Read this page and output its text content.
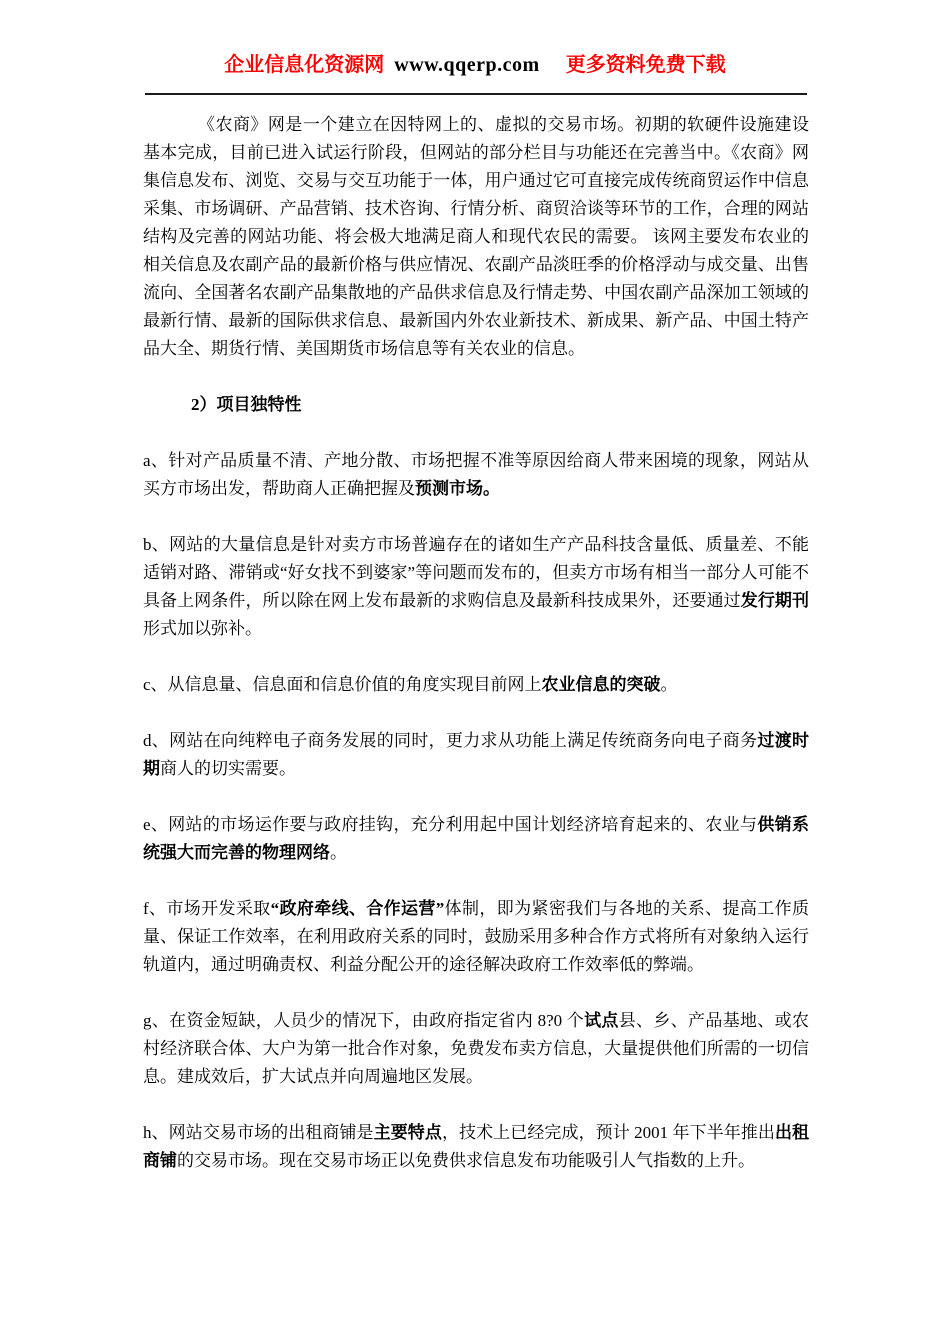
企业信息化资源网 www.qqerp.com 更多资料免费下载

《农商》网是一个建立在因特网上的、虚拟的交易市场。初期的软硬件设施建设基本完成，目前已进入试运行阶段，但网站的部分栏目与功能还在完善当中。《农商》网集信息发布、浏览、交易与交互功能于一体，用户通过它可直接完成传统商贸运作中信息采集、市场调研、产品营销、技术咨询、行情分析、商贸洽谈等环节的工作，合理的网站结构及完善的网站功能、将会极大地满足商人和现代农民的需要。 该网主要发布农业的相关信息及农副产品的最新价格与供应情况、农副产品淡旺季的价格浮动与成交量、出售流向、全国著名农副产品集散地的产品供求信息及行情走势、中国农副产品深加工领域的最新行情、最新的国际供求信息、最新国内外农业新技术、新成果、新产品、中国土特产品大全、期货行情、美国期货市场信息等有关农业的信息。

2）项目独特性

a、针对产品质量不清、产地分散、市场把握不准等原因给商人带来困境的现象，网站从买方市场出发，帮助商人正确把握及预测市场。

b、网站的大量信息是针对卖方市场普遍存在的诸如生产产品科技含量低、质量差、不能适销对路、滞销或“好女找不到婆家”等问题而发布的，但卖方市场有相当一部分人可能不具备上网条件，所以除在网上发布最新的求购信息及最新科技成果外，还要通过发行期刊形式加以弥补。

c、从信息量、信息面和信息价值的角度实现目前网上农业信息的突破。

d、网站在向纯粹电子商务发展的同时，更力求从功能上满足传统商务向电子商务过渡时期商人的切实需要。

e、网站的市场运作要与政府挂钩，充分利用起中国计划经济培育起来的、农业与供销系统强大而完善的物理网络。

f、市场开发采取“政府牵线、合作运营”体制，即为紧密我们与各地的关系、提高工作质量、保证工作效率，在利用政府关系的同时，鼓励采用多种合作方式将所有对象纳入运行轨道内，通过明确责权、利益分配公开的途径解决政府工作效率低的弊端。

g、在资金短缺，人员少的情况下，由政府指定省内 8?0 个试点县、乡、产品基地、或农村经济联合体、大户为第一批合作对象，免费发布卖方信息，大量提供他们所需的一切信息。建成效后，扩大试点并向周遍地区发展。

h、网站交易市场的出租商铺是主要特点，技术上已经完成，预计 2001 年下半年推出出租商铺的交易市场。现在交易市场正以免费供求信息发布功能吸引人气指数的上升。
